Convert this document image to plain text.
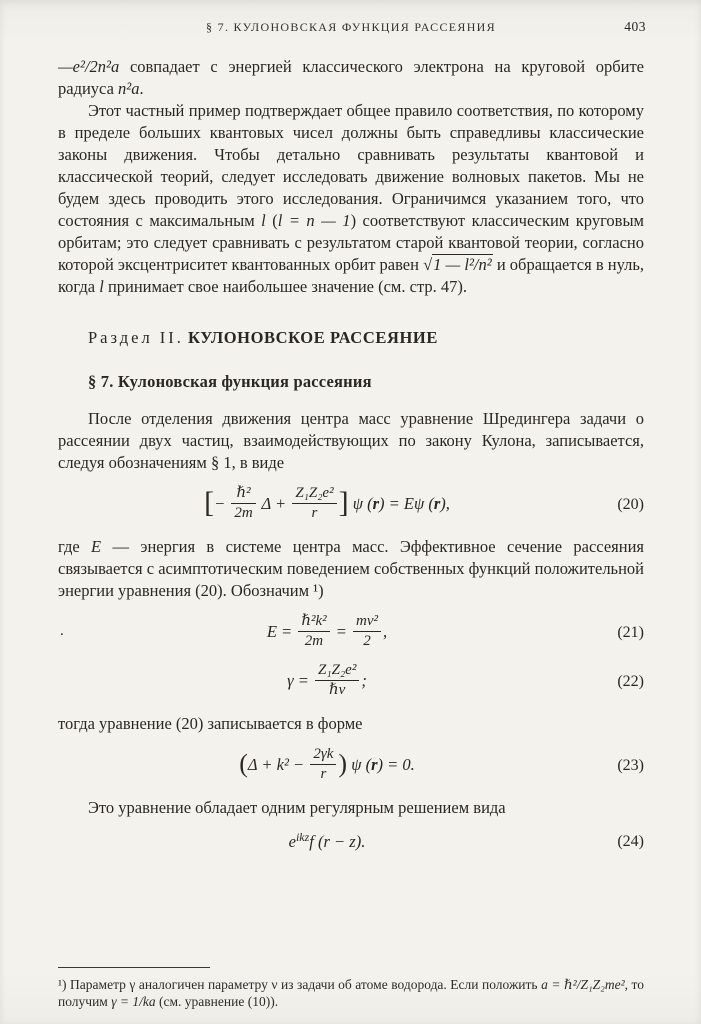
§ 7. КУЛОНОВСКАЯ ФУНКЦИЯ РАССЕЯНИЯ	403

—e²/2n²a совпадает с энергией классического электрона на круговой орбите радиуса n²a.

Этот частный пример подтверждает общее правило соответствия, по которому в пределе больших квантовых чисел должны быть справедливы классические законы движения. Чтобы детально сравнивать результаты квантовой и классической теорий, следует исследовать движение волновых пакетов. Мы не будем здесь проводить этого исследования. Ограничимся указанием того, что состояния с максимальным l (l = n — 1) соответствуют классическим круговым орбитам; это следует сравнивать с результатом старой квантовой теории, согласно которой эксцентриситет квантованных орбит равен √1 — l²/n² и обращается в нуль, когда l принимает свое наибольшее значение (см. стр. 47).

Раздел II. КУЛОНОВСКОЕ РАССЕЯНИЕ
§ 7. Кулоновская функция рассеяния

После отделения движения центра масс уравнение Шредингера задачи о рассеянии двух частиц, взаимодействующих по закону Кулона, записывается, следуя обозначениям § 1, в виде

[− $\frac{\text{ℏ²}}{2m}$ $\Delta + \frac{\text{Z₁Z₂e²}}{r}$ ] ψ (r) = Eψ (r),	(20)

где E — энергия в системе центра масс. Эффективное сечение рассеяния связывается с асимптотическим поведением собственных функций положительной энергии уравнения (20). Обозначим ¹)

.	$E = \frac{\text{ℏ²k²}}{2m} = \frac{\text{mv²}}{2}$ ,	(21)
$\gamma = \frac{\text{Z₁Z₂e²}}{\text{ℏv}}$ ;	(22)

тогда уравнение (20) записывается в форме

($\Delta + k^2 - \frac{2\gamma k}{r}$ ) ψ (r) = 0.	(23)

Это уравнение обладает одним регулярным решением вида

$e^{ikz}f$ (r − z).	(24)

¹) Параметр γ аналогичен параметру ν из задачи об атоме водорода. Если положить a = ℏ²/Z₁Z₂me², то получим γ = 1/ka (см. уравнение (10)).
